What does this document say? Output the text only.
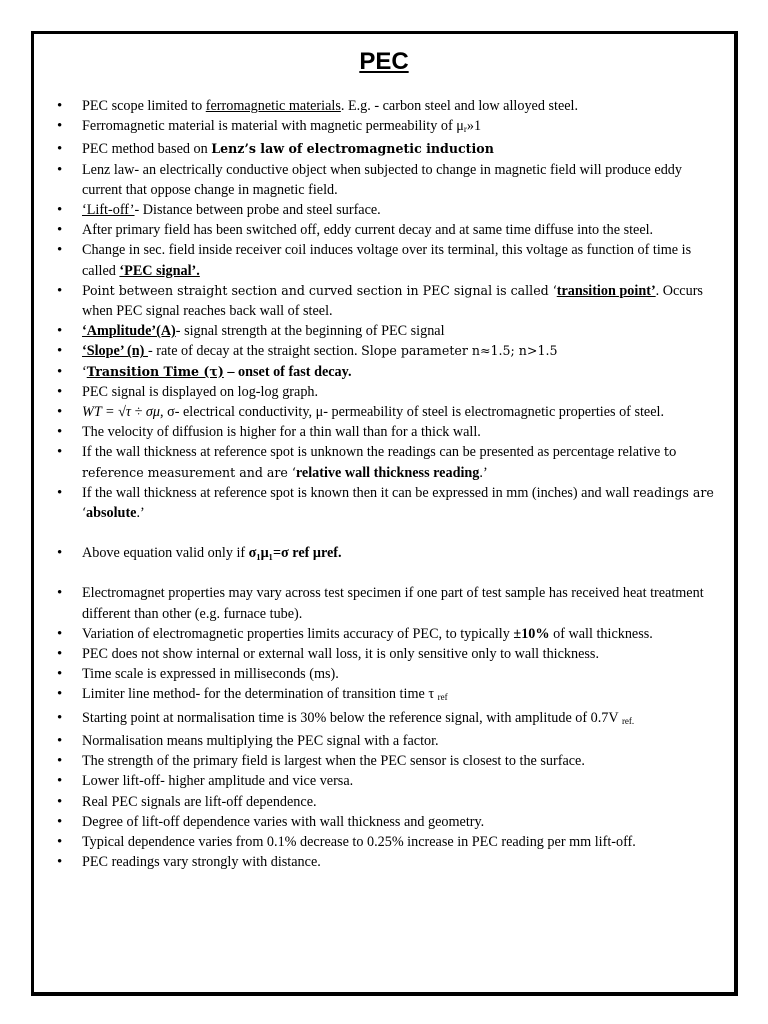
PEC
• PEC scope limited to ferromagnetic materials. E.g. - carbon steel and low alloyed steel.
• Ferromagnetic material is material with magnetic permeability of $\mu_r»1$
• PEC method based on Lenz’s law of electromagnetic induction
• Lenz law- an electrically conductive object when subjected to change in magnetic field will produce eddy current that oppose change in magnetic field.
• ‘Lift-off’- Distance between probe and steel surface.
• After primary field has been switched off, eddy current decay and at same time diffuse into the steel.
• Change in sec. field inside receiver coil induces voltage over its terminal, this voltage as function of time is called ‘PEC signal’.
• Point between straight section and curved section in PEC signal is called ‘transition point’. Occurs when PEC signal reaches back wall of steel.
• ‘Amplitude’(A)- signal strength at the beginning of PEC signal
• ‘Slope’ (n) - rate of decay at the straight section. Slope parameter n≈1.5; n>1.5
• ‘Transition Time (τ) – onset of fast decay.
• PEC signal is displayed on log-log graph.
• WT = √τ ÷ σμ, σ- electrical conductivity, μ- permeability of steel is electromagnetic properties of steel.
• The velocity of diffusion is higher for a thin wall than for a thick wall.
• If the wall thickness at reference spot is unknown the readings can be presented as percentage relative to reference measurement and are ‘relative wall thickness reading.’
• If the wall thickness at reference spot is known then it can be expressed in mm (inches) and wall readings are ‘absolute.’
• Above equation valid only if σ₁μ₁=σ ref μref.
• Electromagnet properties may vary across test specimen if one part of test sample has received heat treatment different than other (e.g. furnace tube).
• Variation of electromagnetic properties limits accuracy of PEC, to typically ±10% of wall thickness.
• PEC does not show internal or external wall loss, it is only sensitive only to wall thickness.
• Time scale is expressed in milliseconds (ms).
• Limiter line method- for the determination of transition time τ $_{ref}$
• Starting point at normalisation time is 30% below the reference signal, with amplitude of 0.7V $_{ref.}$
• Normalisation means multiplying the PEC signal with a factor.
• The strength of the primary field is largest when the PEC sensor is closest to the surface.
• Lower lift-off- higher amplitude and vice versa.
• Real PEC signals are lift-off dependence.
• Degree of lift-off dependence varies with wall thickness and geometry.
• Typical dependence varies from 0.1% decrease to 0.25% increase in PEC reading per mm lift-off.
• PEC readings vary strongly with distance.
